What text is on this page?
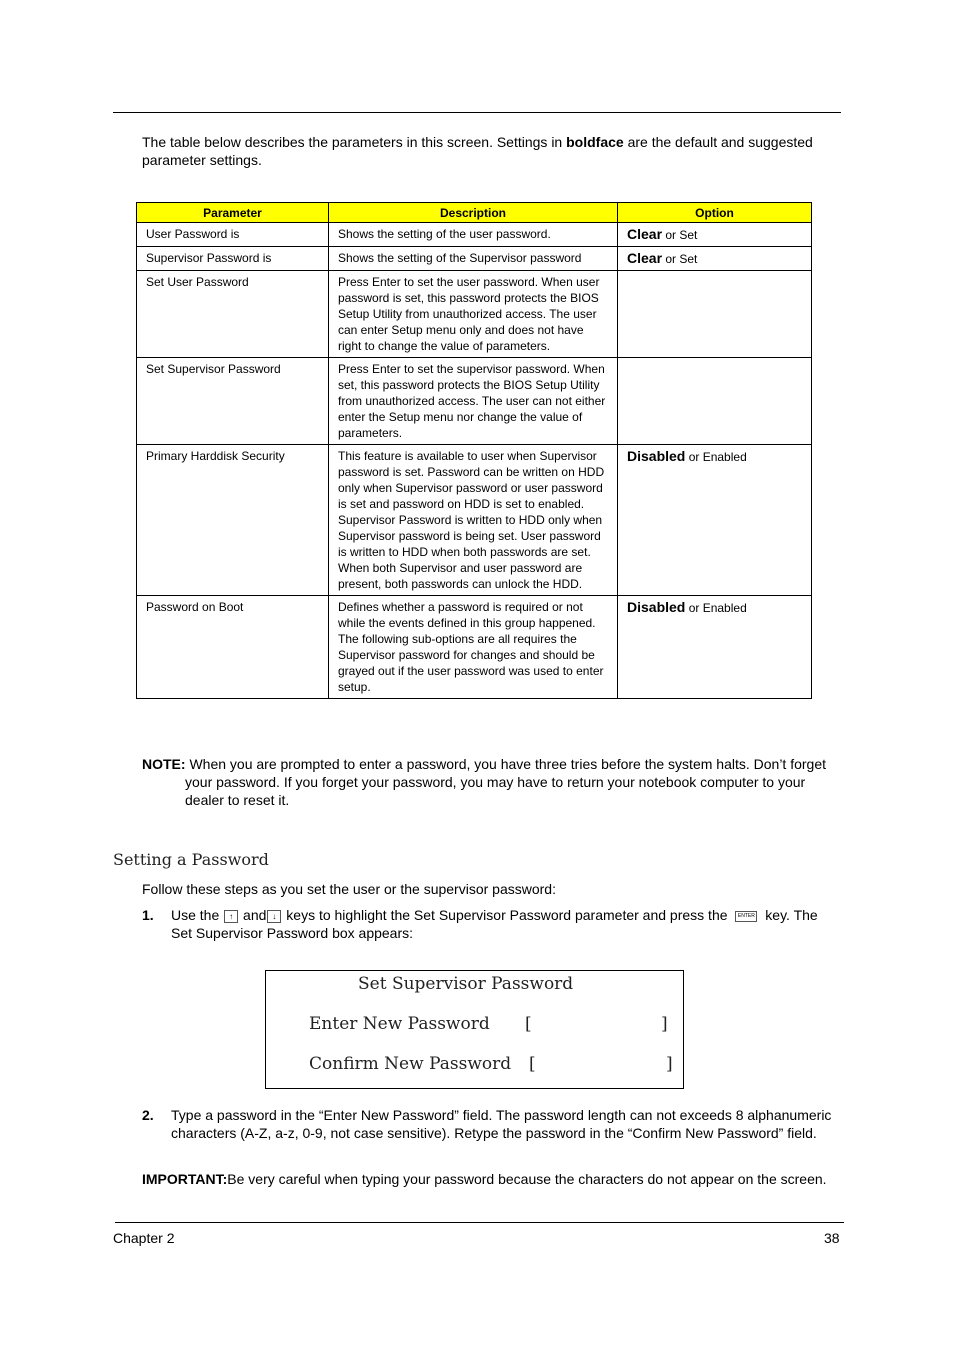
The table below describes the parameters in this screen. Settings in boldface are the default and suggested parameter settings.
Parameter	Description	Option
User Password is	Shows the setting of the user password.	Clear or Set
Supervisor Password is	Shows the setting of the Supervisor password	Clear or Set
Set User Password	Press Enter to set the user password. When user password is set, this password protects the BIOS Setup Utility from unauthorized access. The user can enter Setup menu only and does not have right to change the value of parameters.	
Set Supervisor Password	Press Enter to set the supervisor password. When set, this password protects the BIOS Setup Utility from unauthorized access. The user can not either enter the Setup menu nor change the value of parameters.	
Primary Harddisk Security	This feature is available to user when Supervisor password is set. Password can be written on HDD only when Supervisor password or user password is set and password on HDD is set to enabled. Supervisor Password is written to HDD only when Supervisor password is being set. User password is written to HDD when both passwords are set. When both Supervisor and user password are present, both passwords can unlock the HDD.	Disabled or Enabled
Password on Boot	Defines whether a password is required or not while the events defined in this group happened. The following sub-options are all requires the Supervisor password for changes and should be grayed out if the user password was used to enter setup.	Disabled or Enabled
NOTE: When you are prompted to enter a password, you have three tries before the system halts. Don’t forget
your password. If you forget your password, you may have to return your notebook computer to your dealer to reset it.
Setting a Password
Follow these steps as you set the user or the supervisor password:
1.	Use the ↑ and ↓ keys to highlight the Set Supervisor Password parameter and press the ENTER key. The Set Supervisor Password box appears:
Set Supervisor Password
Enter New Password [	]
Confirm New Password [	]
2.	Type a password in the “Enter New Password” field. The password length can not exceeds 8 alphanumeric characters (A-Z, a-z, 0-9, not case sensitive). Retype the password in the “Confirm New Password” field.
IMPORTANT:Be very careful when typing your password because the characters do not appear on the screen.
Chapter 2	38
